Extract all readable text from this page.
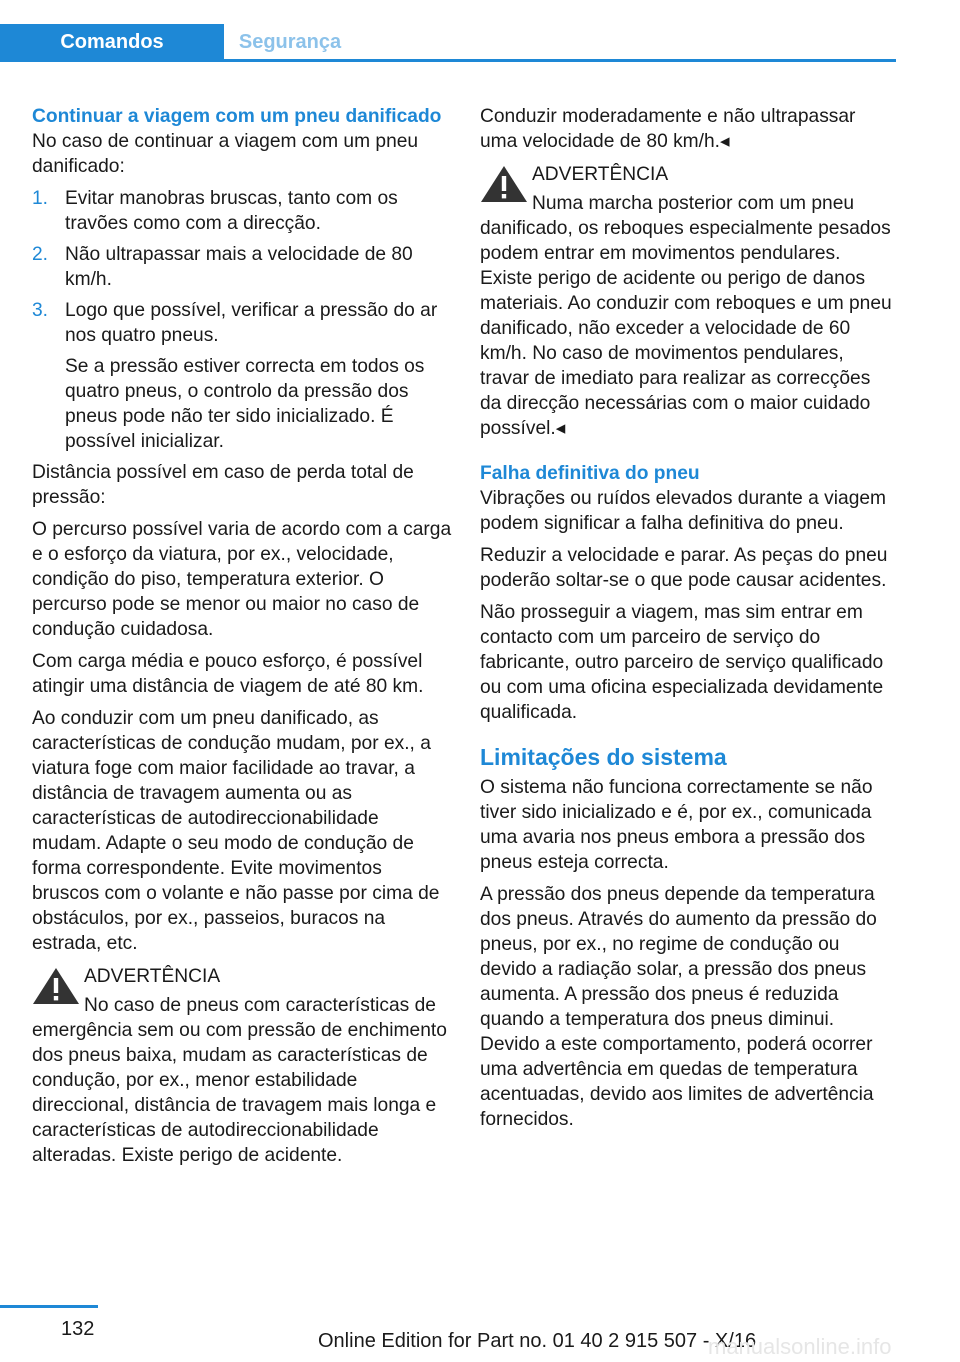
Comandos	Segurança
Continuar a viagem com um pneu danificado
No caso de continuar a viagem com um pneu danificado:
1. Evitar manobras bruscas, tanto com os travões como com a direcção.
2. Não ultrapassar mais a velocidade de 80 km/h.
3. Logo que possível, verificar a pressão do ar nos quatro pneus.
Se a pressão estiver correcta em todos os quatro pneus, o controlo da pressão dos pneus pode não ter sido inicializado. É possível inicializar.
Distância possível em caso de perda total de pressão:
O percurso possível varia de acordo com a carga e o esforço da viatura, por ex., velocidade, condição do piso, temperatura exterior. O percurso pode se menor ou maior no caso de condução cuidadosa.
Com carga média e pouco esforço, é possível atingir uma distância de viagem de até 80 km.
Ao conduzir com um pneu danificado, as características de condução mudam, por ex., a viatura foge com maior facilidade ao travar, a distância de travagem aumenta ou as características de autodireccionabilidade mudam. Adapte o seu modo de condução de forma correspondente. Evite movimentos bruscos com o volante e não passe por cima de obstáculos, por ex., passeios, buracos na estrada, etc.
ADVERTÊNCIA
No caso de pneus com características de
emergência sem ou com pressão de enchimento dos pneus baixa, mudam as características de condução, por ex., menor estabilidade direccional, distância de travagem mais longa e características de autodireccionabilidade alteradas. Existe perigo de acidente.
Conduzir moderadamente e não ultrapassar uma velocidade de 80 km/h.◂
ADVERTÊNCIA
Numa marcha posterior com um pneu
danificado, os reboques especialmente pesados podem entrar em movimentos pendulares. Existe perigo de acidente ou perigo de danos materiais. Ao conduzir com reboques e um pneu danificado, não exceder a velocidade de 60 km/h. No caso de movimentos pendulares, travar de imediato para realizar as correcções da direcção necessárias com o maior cuidado possível.◂
Falha definitiva do pneu
Vibrações ou ruídos elevados durante a viagem podem significar a falha definitiva do pneu.
Reduzir a velocidade e parar. As peças do pneu poderão soltar-se o que pode causar acidentes.
Não prosseguir a viagem, mas sim entrar em contacto com um parceiro de serviço do fabricante, outro parceiro de serviço qualificado ou com uma oficina especializada devidamente qualificada.
Limitações do sistema
O sistema não funciona correctamente se não tiver sido inicializado e é, por ex., comunicada uma avaria nos pneus embora a pressão dos pneus esteja correcta.
A pressão dos pneus depende da temperatura dos pneus. Através do aumento da pressão do pneus, por ex., no regime de condução ou devido a radiação solar, a pressão dos pneus aumenta. A pressão dos pneus é reduzida quando a temperatura dos pneus diminui. Devido a este comportamento, poderá ocorrer uma advertência em quedas de temperatura acentuadas, devido aos limites de advertência fornecidos.
132
Online Edition for Part no. 01 40 2 915 507 - X/16
manualsonline.info
